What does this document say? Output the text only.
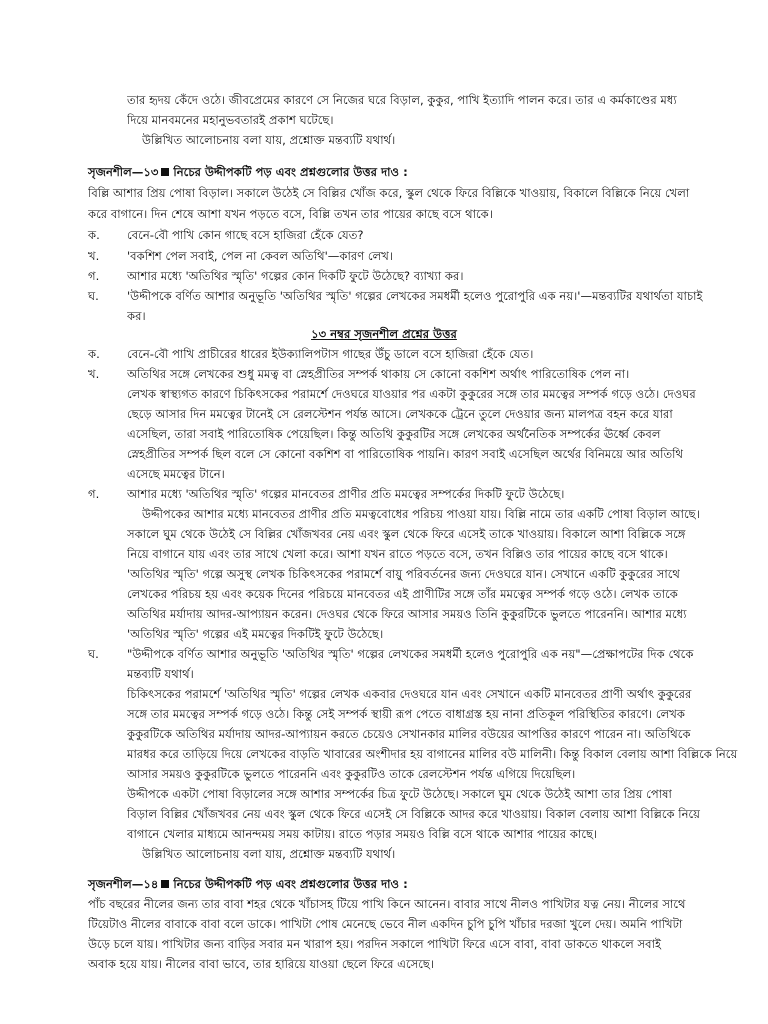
তার হৃদয় কেঁদে ওঠে। জীবপ্রেমের কারণে সে নিজের ঘরে বিড়াল, কুকুর, পাখি ইত্যাদি পালন করে। তার এ কর্মকাণ্ডের মধ্য
দিয়ে মানবমনের মহানুভবতারই প্রকাশ ঘটেছে।
উল্লিখিত আলোচনায় বলা যায়, প্রশ্নোক্ত মন্তব্যটি যথার্থ।
সৃজনশীল—১৩ নিচের উদ্দীপকটি পড় এবং প্রশ্নগুলোর উত্তর দাও :
বিল্লি আশার প্রিয় পোষা বিড়াল। সকালে উঠেই সে বিল্লির খোঁজ করে, স্কুল থেকে ফিরে বিল্লিকে খাওয়ায়, বিকালে বিল্লিকে নিয়ে খেলা
করে বাগানে। দিন শেষে আশা যখন পড়তে বসে, বিল্লি তখন তার পায়ের কাছে বসে থাকে।
ক. বেনে-বৌ পাখি কোন গাছে বসে হাজিরা হেঁকে যেত?
খ. 'বকশিশ পেল সবাই, পেল না কেবল অতিথি'—কারণ লেখ।
গ. আশার মধ্যে 'অতিথির স্মৃতি' গল্পের কোন দিকটি ফুটে উঠেছে? ব্যাখ্যা কর।
ঘ. 'উদ্দীপকে বর্ণিত আশার অনুভূতি 'অতিথির স্মৃতি' গল্পের লেখকের সমধর্মী হলেও পুরোপুরি এক নয়।'—মন্তব্যটির যথার্থতা যাচাই
কর।
১৩ নম্বর সৃজনশীল প্রশ্নের উত্তর
ক. বেনে-বৌ পাখি প্রাচীরের ধারের ইউক্যালিপটাস গাছের উঁচু ডালে বসে হাজিরা হেঁকে যেত।
খ. অতিথির সঙ্গে লেখকের শুধু মমত্ব বা স্নেহপ্রীতির সম্পর্ক থাকায় সে কোনো বকশিশ অর্থাৎ পারিতোষিক পেল না।
লেখক স্বাস্থ্যগত কারণে চিকিৎসকের পরামর্শে দেওঘরে যাওয়ার পর একটা কুকুরের সঙ্গে তার মমত্বের সম্পর্ক গড়ে ওঠে। দেওঘর
ছেড়ে আসার দিন মমত্বের টানেই সে রেলস্টেশন পর্যন্ত আসে। লেখককে ট্রেনে তুলে দেওয়ার জন্য মালপত্র বহন করে যারা
এসেছিল, তারা সবাই পারিতোষিক পেয়েছিল। কিন্তু অতিথি কুকুরটির সঙ্গে লেখকের অর্থনৈতিক সম্পর্কের ঊর্ধ্বে কেবল
স্নেহপ্রীতির সম্পর্ক ছিল বলে সে কোনো বকশিশ বা পারিতোষিক পায়নি। কারণ সবাই এসেছিল অর্থের বিনিময়ে আর অতিথি
এসেছে মমত্বের টানে।
গ. আশার মধ্যে 'অতিথির স্মৃতি' গল্পের মানবেতর প্রাণীর প্রতি মমত্বের সম্পর্কের দিকটি ফুটে উঠেছে।
উদ্দীপকের আশার মধ্যে মানবেতর প্রাণীর প্রতি মমত্ববোধের পরিচয় পাওয়া যায়। বিল্লি নামে তার একটি পোষা বিড়াল আছে।
সকালে ঘুম থেকে উঠেই সে বিল্লির খোঁজখবর নেয় এবং স্কুল থেকে ফিরে এসেই তাকে খাওয়ায়। বিকালে আশা বিল্লিকে সঙ্গে
নিয়ে বাগানে যায় এবং তার সাথে খেলা করে। আশা যখন রাতে পড়তে বসে, তখন বিল্লিও তার পায়ের কাছে বসে থাকে।
'অতিথির স্মৃতি' গল্পে অসুস্থ লেখক চিকিৎসকের পরামর্শে বায়ু পরিবর্তনের জন্য দেওঘরে যান। সেখানে একটি কুকুরের সাথে
লেখকের পরিচয় হয় এবং কয়েক দিনের পরিচয়ে মানবেতর এই প্রাণীটির সঙ্গে তাঁর মমত্বের সম্পর্ক গড়ে ওঠে। লেখক তাকে
অতিথির মর্যাদায় আদর-আপ্যায়ন করেন। দেওঘর থেকে ফিরে আসার সময়ও তিনি কুকুরটিকে ভুলতে পারেননি। আশার মধ্যে
'অতিথির স্মৃতি' গল্পের এই মমত্বের দিকটিই ফুটে উঠেছে।
ঘ. "উদ্দীপকে বর্ণিত আশার অনুভূতি 'অতিথির স্মৃতি' গল্পের লেখকের সমধর্মী হলেও পুরোপুরি এক নয়"—প্রেক্ষাপটের দিক থেকে
মন্তব্যটি যথার্থ।
চিকিৎসকের পরামর্শে 'অতিথির স্মৃতি' গল্পের লেখক একবার দেওঘরে যান এবং সেখানে একটি মানবেতর প্রাণী অর্থাৎ কুকুরের
সঙ্গে তার মমত্বের সম্পর্ক গড়ে ওঠে। কিন্তু সেই সম্পর্ক স্থায়ী রূপ পেতে বাধাগ্রস্ত হয় নানা প্রতিকূল পরিস্থিতির কারণে। লেখক
কুকুরটিকে অতিথির মর্যাদায় আদর-আপ্যায়ন করতে চেয়েও সেখানকার মালির বউয়ের আপত্তির কারণে পারেন না। অতিথিকে
মারধর করে তাড়িয়ে দিয়ে লেখকের বাড়তি খাবারের অংশীদার হয় বাগানের মালির বউ মালিনী। কিন্তু বিকাল বেলায় আশা বিল্লিকে নিয়ে
আসার সময়ও কুকুরটিকে ভুলতে পারেননি এবং কুকুরটিও তাকে রেলস্টেশন পর্যন্ত এগিয়ে দিয়েছিল।
উদ্দীপকে একটা পোষা বিড়ালের সঙ্গে আশার সম্পর্কের চিত্র ফুটে উঠেছে। সকালে ঘুম থেকে উঠেই আশা তার প্রিয় পোষা
বিড়াল বিল্লির খোঁজখবর নেয় এবং স্কুল থেকে ফিরে এসেই সে বিল্লিকে আদর করে খাওয়ায়। বিকাল বেলায় আশা বিল্লিকে নিয়ে
বাগানে খেলার মাধ্যমে আনন্দময় সময় কাটায়। রাতে পড়ার সময়ও বিল্লি বসে থাকে আশার পায়ের কাছে।
উল্লিখিত আলোচনায় বলা যায়, প্রশ্নোক্ত মন্তব্যটি যথার্থ।
সৃজনশীল—১৪ নিচের উদ্দীপকটি পড় এবং প্রশ্নগুলোর উত্তর দাও :
পাঁচ বছরের নীলের জন্য তার বাবা শহর থেকে খাঁচাসহ টিয়ে পাখি কিনে আনেন। বাবার সাথে নীলও পাখিটার যত্ন নেয়। নীলের সাথে
টিয়েটাও নীলের বাবাকে বাবা বলে ডাকে। পাখিটা পোষ মেনেছে ভেবে নীল একদিন চুপি চুপি খাঁচার দরজা খুলে দেয়। অমনি পাখিটা
উড়ে চলে যায়। পাখিটার জন্য বাড়ির সবার মন খারাপ হয়। পরদিন সকালে পাখিটা ফিরে এসে বাবা, বাবা ডাকতে থাকলে সবাই
অবাক হয়ে যায়। নীলের বাবা ভাবে, তার হারিয়ে যাওয়া ছেলে ফিরে এসেছে।
